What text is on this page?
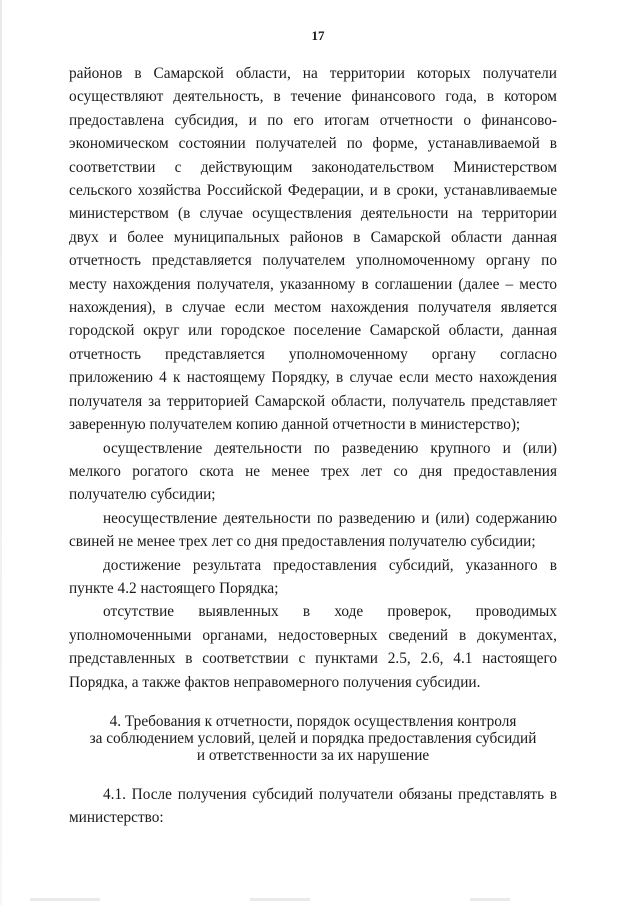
17

районов в Самарской области, на территории которых получатели осуществляют деятельность, в течение финансового года, в котором предоставлена субсидия, и по его итогам отчетности о финансово-экономическом состоянии получателей по форме, устанавливаемой в соответствии с действующим законодательством Министерством сельского хозяйства Российской Федерации, и в сроки, устанавливаемые министерством (в случае осуществления деятельности на территории двух и более муниципальных районов в Самарской области данная отчетность представляется получателем уполномоченному органу по месту нахождения получателя, указанному в соглашении (далее – место нахождения), в случае если местом нахождения получателя является городской округ или городское поселение Самарской области, данная отчетность представляется уполномоченному органу согласно приложению 4 к настоящему Порядку, в случае если место нахождения получателя за территорией Самарской области, получатель представляет заверенную получателем копию данной отчетности в министерство);

осуществление деятельности по разведению крупного и (или) мелкого рогатого скота не менее трех лет со дня предоставления получателю субсидии;

неосуществление деятельности по разведению и (или) содержанию свиней не менее трех лет со дня предоставления получателю субсидии;

достижение результата предоставления субсидий, указанного в пункте 4.2 настоящего Порядка;

отсутствие выявленных в ходе проверок, проводимых уполномоченными органами, недостоверных сведений в документах, представленных в соответствии с пунктами 2.5, 2.6, 4.1 настоящего Порядка, а также фактов неправомерного получения субсидии.

4. Требования к отчетности, порядок осуществления контроля
за соблюдением условий, целей и порядка предоставления субсидий
и ответственности за их нарушение

4.1. После получения субсидий получатели обязаны представлять в министерство:
